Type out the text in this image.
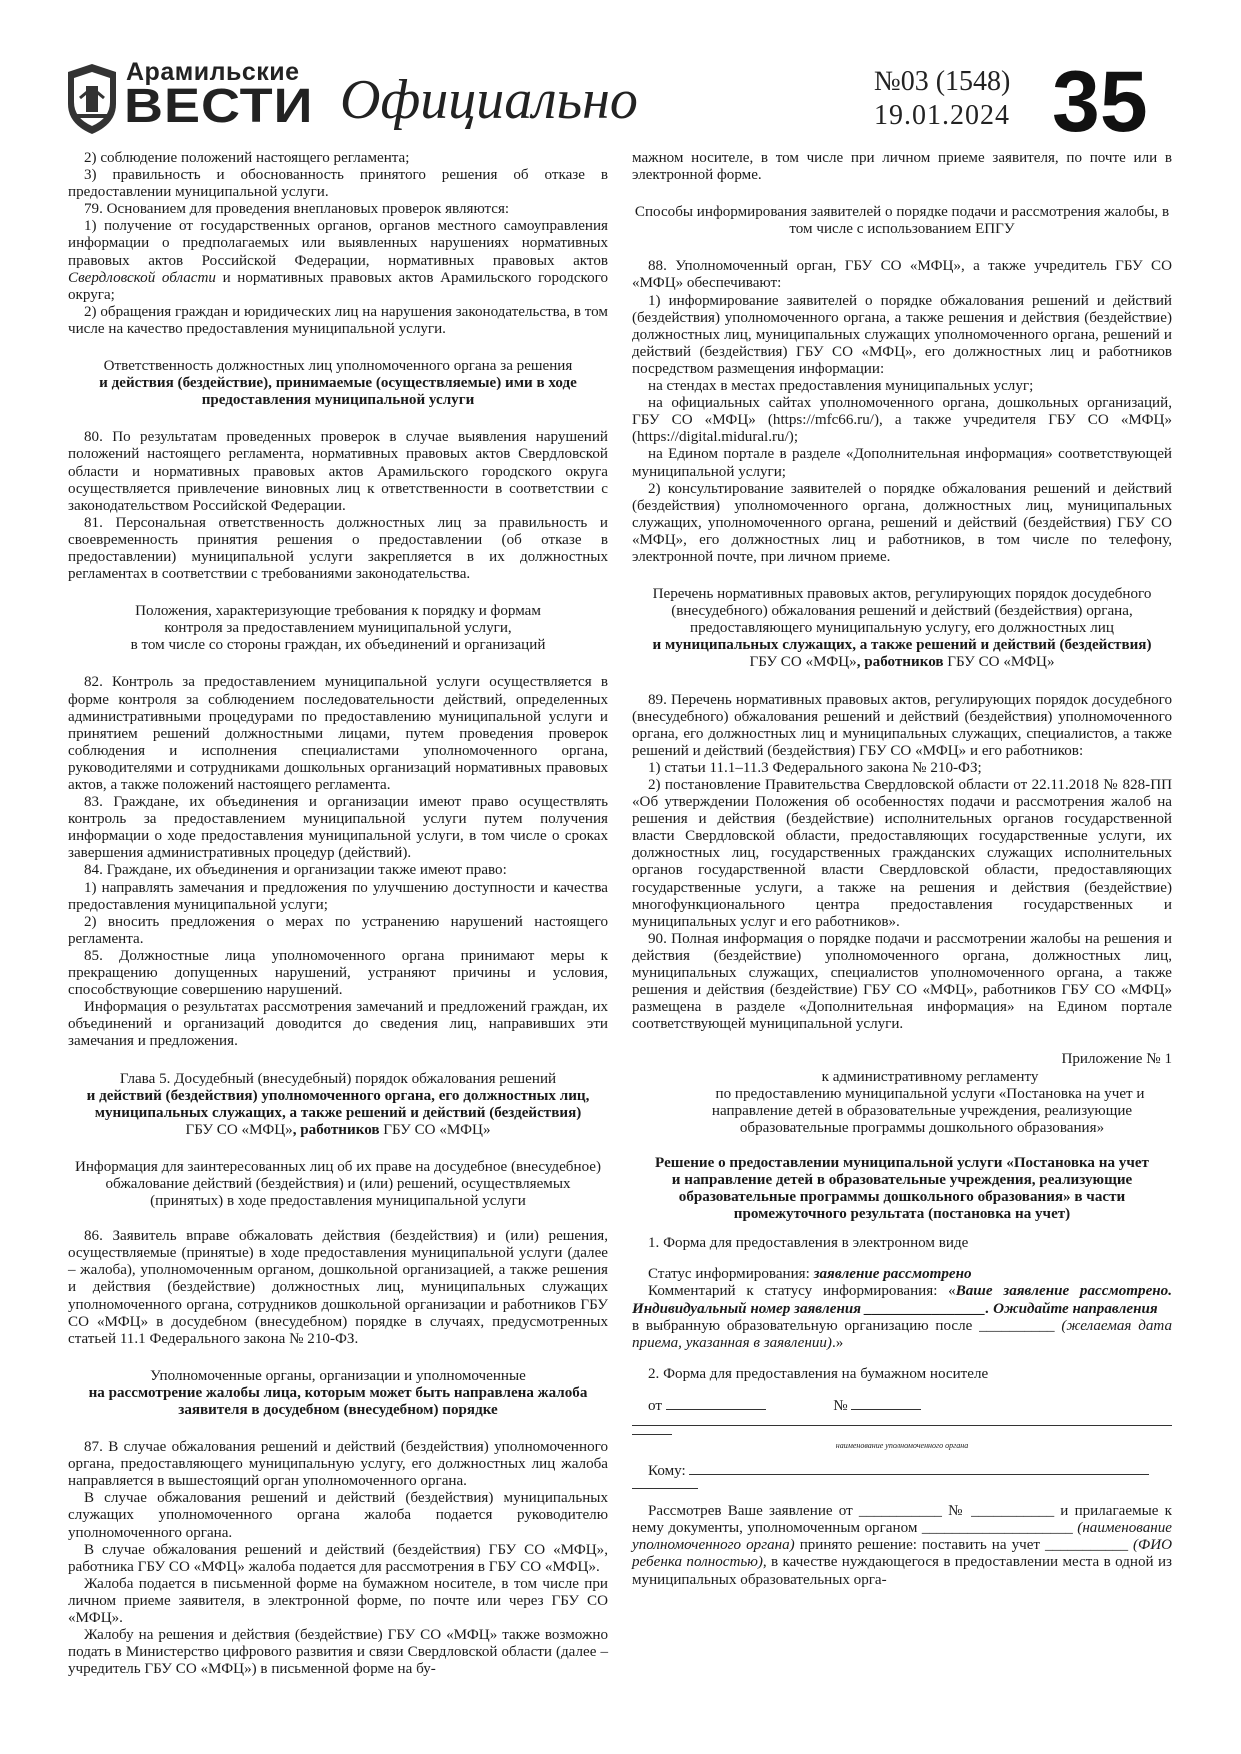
Арамильские
ВЕСТИ Официально	№03 (1548)
19.01.2024 35

2) соблюдение положений настоящего регламента;

3) правильность и обоснованность принятого решения об отказе в предоставлении муниципальной услуги.

79. Основанием для проведения внеплановых проверок являются:

1) получение от государственных органов, органов местного самоуправления информации о предполагаемых или выявленных нарушениях нормативных правовых актов Российской Федерации, нормативных правовых актов Свердловской области и нормативных правовых актов Арамильского городского округа;

2) обращения граждан и юридических лиц на нарушения законодательства, в том числе на качество предоставления муниципальной услуги.

Ответственность должностных лиц уполномоченного органа за решения

и действия (бездействие), принимаемые (осуществляемые) ими в ходе предоставления муниципальной услуги

80. По результатам проведенных проверок в случае выявления нарушений положений настоящего регламента, нормативных правовых актов Свердловской области и нормативных правовых актов Арамильского городского округа осуществляется привлечение виновных лиц к ответственности в соответствии с законодательством Российской Федерации.

81. Персональная ответственность должностных лиц за правильность и своевременность принятия решения о предоставлении (об отказе в предоставлении) муниципальной услуги закрепляется в их должностных регламентах в соответствии с требованиями законодательства.

Положения, характеризующие требования к порядку и формам

контроля за предоставлением муниципальной услуги,

в том числе со стороны граждан, их объединений и организаций

82. Контроль за предоставлением муниципальной услуги осуществляется в форме контроля за соблюдением последовательности действий, определенных административными процедурами по предоставлению муниципальной услуги и принятием решений должностными лицами, путем проведения проверок соблюдения и исполнения специалистами уполномоченного органа, руководителями и сотрудниками дошкольных организаций нормативных правовых актов, а также положений настоящего регламента.

83. Граждане, их объединения и организации имеют право осуществлять контроль за предоставлением муниципальной услуги путем получения информации о ходе предоставления муниципальной услуги, в том числе о сроках завершения административных процедур (действий).

84. Граждане, их объединения и организации также имеют право:

1) направлять замечания и предложения по улучшению доступности и качества предоставления муниципальной услуги;

2) вносить предложения о мерах по устранению нарушений настоящего регламента.

85. Должностные лица уполномоченного органа принимают меры к прекращению допущенных нарушений, устраняют причины и условия, способствующие совершению нарушений.

Информация о результатах рассмотрения замечаний и предложений граждан, их объединений и организаций доводится до сведения лиц, направивших эти замечания и предложения.

Глава 5. Досудебный (внесудебный) порядок обжалования решений

и действий (бездействия) уполномоченного органа, его должностных лиц, муниципальных служащих, а также решений и действий (бездействия)

ГБУ СО «МФЦ», работников ГБУ СО «МФЦ»

Информация для заинтересованных лиц об их праве на досудебное (внесудебное) обжалование действий (бездействия) и (или) решений, осуществляемых (принятых) в ходе предоставления муниципальной услуги

86. Заявитель вправе обжаловать действия (бездействия) и (или) решения, осуществляемые (принятые) в ходе предоставления муниципальной услуги (далее – жалоба), уполномоченным органом, дошкольной организацией, а также решения и действия (бездействие) должностных лиц, муниципальных служащих уполномоченного органа, сотрудников дошкольной организации и работников ГБУ СО «МФЦ» в досудебном (внесудебном) порядке в случаях, предусмотренных статьей 11.1 Федерального закона № 210-ФЗ.

Уполномоченные органы, организации и уполномоченные

на рассмотрение жалобы лица, которым может быть направлена жалоба заявителя в досудебном (внесудебном) порядке

87. В случае обжалования решений и действий (бездействия) уполномоченного органа, предоставляющего муниципальную услугу, его должностных лиц жалоба направляется в вышестоящий орган уполномоченного органа.

В случае обжалования решений и действий (бездействия) муниципальных служащих уполномоченного органа жалоба подается руководителю уполномоченного органа.

В случае обжалования решений и действий (бездействия) ГБУ СО «МФЦ», работника ГБУ СО «МФЦ» жалоба подается для рассмотрения в ГБУ СО «МФЦ».

Жалоба подается в письменной форме на бумажном носителе, в том числе при личном приеме заявителя, в электронной форме, по почте или через ГБУ СО «МФЦ».

Жалобу на решения и действия (бездействие) ГБУ СО «МФЦ» также возможно подать в Министерство цифрового развития и связи Свердловской области (далее – учредитель ГБУ СО «МФЦ») в письменной форме на бу-

мажном носителе, в том числе при личном приеме заявителя, по почте или в электронной форме.

Способы информирования заявителей о порядке подачи и рассмотрения жалобы, в том числе с использованием ЕПГУ

88. Уполномоченный орган, ГБУ СО «МФЦ», а также учредитель ГБУ СО «МФЦ» обеспечивают:

1) информирование заявителей о порядке обжалования решений и действий (бездействия) уполномоченного органа, а также решения и действия (бездействие) должностных лиц, муниципальных служащих уполномоченного органа, решений и действий (бездействия) ГБУ СО «МФЦ», его должностных лиц и работников посредством размещения информации:

на стендах в местах предоставления муниципальных услуг;

на официальных сайтах уполномоченного органа, дошкольных организаций, ГБУ СО «МФЦ» (https://mfc66.ru/), а также учредителя ГБУ СО «МФЦ» (https://digital.midural.ru/);

на Едином портале в разделе «Дополнительная информация» соответствующей муниципальной услуги;

2) консультирование заявителей о порядке обжалования решений и действий (бездействия) уполномоченного органа, должностных лиц, муниципальных служащих, уполномоченного органа, решений и действий (бездействия) ГБУ СО «МФЦ», его должностных лиц и работников, в том числе по телефону, электронной почте, при личном приеме.

Перечень нормативных правовых актов, регулирующих порядок досудебного (внесудебного) обжалования решений и действий (бездействия) органа, предоставляющего муниципальную услугу, его должностных лиц

и муниципальных служащих, а также решений и действий (бездействия)

ГБУ СО «МФЦ», работников ГБУ СО «МФЦ»

89. Перечень нормативных правовых актов, регулирующих порядок досудебного (внесудебного) обжалования решений и действий (бездействия) уполномоченного органа, его должностных лиц и муниципальных служащих, специалистов, а также решений и действий (бездействия) ГБУ СО «МФЦ» и его работников:

1) статьи 11.1–11.3 Федерального закона № 210-ФЗ;

2) постановление Правительства Свердловской области от 22.11.2018 № 828-ПП «Об утверждении Положения об особенностях подачи и рассмотрения жалоб на решения и действия (бездействие) исполнительных органов государственной власти Свердловской области, предоставляющих государственные услуги, их должностных лиц, государственных гражданских служащих исполнительных органов государственной власти Свердловской области, предоставляющих государственные услуги, а также на решения и действия (бездействие) многофункционального центра предоставления государственных и муниципальных услуг и его работников».

90. Полная информация о порядке подачи и рассмотрении жалобы на решения и действия (бездействие) уполномоченного органа, должностных лиц, муниципальных служащих, специалистов уполномоченного органа, а также решения и действия (бездействие) ГБУ СО «МФЦ», работников ГБУ СО «МФЦ» размещена в разделе «Дополнительная информация» на Едином портале соответствующей муниципальной услуги.

Приложение № 1

к административному регламенту

по предоставлению муниципальной услуги «Постановка на учет и направление детей в образовательные учреждения, реализующие образовательные программы дошкольного образования»

Решение о предоставлении муниципальной услуги «Постановка на учет

и направление детей в образовательные учреждения, реализующие образовательные программы дошкольного образования» в части промежуточного результата (постановка на учет)

1. Форма для предоставления в электронном виде

Статус информирования: заявление рассмотрено

Комментарий к статусу информирования: «Ваше заявление рассмотрено. Индивидуальный номер заявления ________________. Ожидайте направления

в выбранную образовательную организацию после __________ (желаемая дата приема, указанная в заявлении).»

2. Форма для предоставления на бумажном носителе

от	№

наименование уполномоченного органа

Кому:

Рассмотрев Ваше заявление от ___________ № ___________ и прилагаемые к нему документы, уполномоченным органом ____________________ (наименование уполномоченного органа) принято решение: поставить на учет ___________ (ФИО ребенка полностью), в качестве нуждающегося в предоставлении места в одной из муниципальных образовательных орга-
